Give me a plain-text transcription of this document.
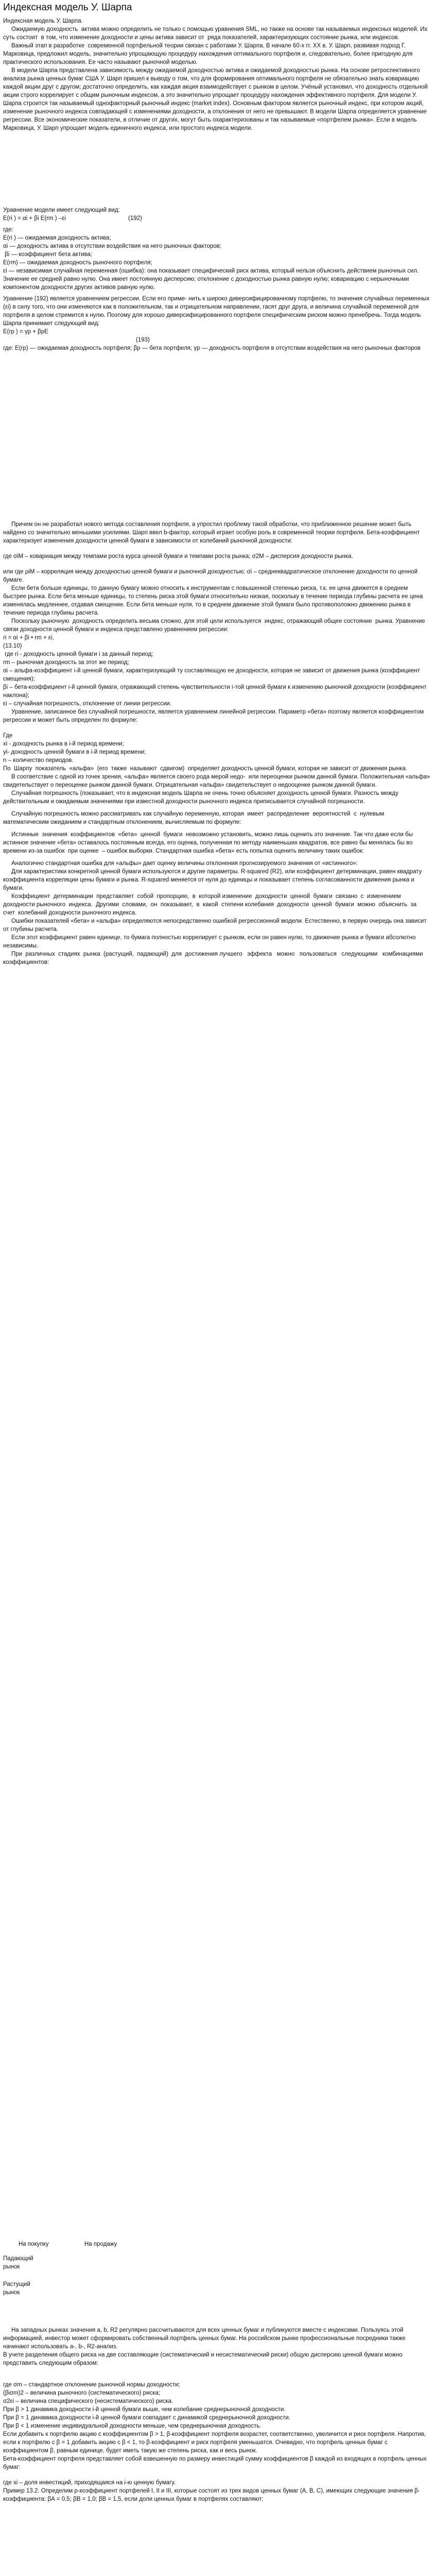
Индексная модель У. Шарпа

Индексная модель У. Шарпа.

Ожидаемую доходность  актива можно определить не только с помощью уравнения SML, но также на основе так называемых индексных моделей. Их суть состоит  в том, что изменение доходности и цены актива зависит от  ряда показателей, характеризующих состояние рынка, или индексов.

Важный этап в разработке  современной портфельной теории связан с работами У. Шарпа. В начале 60-х гг. ХХ в. У. Шарп, развивая подход Г. Марковица, предложил модель, значительно упрощающую процедуру нахождения оптимального портфеля и, следовательно, более пригодную для практического использования. Ее часто называют рыночной моделью.

В модели Шарпа представлена зависимость между ожидаемой доходностью актива и ожидаемой доходностью рынка. На основе ретроспективного анализа рынка ценных бумаг США У. Шарп пришел к выводу о том, что для формирования оптимального портфеля не обязательно знать ковариацию каждой акции друг с другом; достаточно определить, как каждая акция взаимодействует с рынком в целом. Учёный установил, что доходность отдельной акции строго коррелирует с общим рыночным индексом, а это значительно упрощает процедуру нахождения эффективного портфеля. Для модели У. Шарпа строится так называемый однофакторный рыночный индекс (market index). Основным фактором является рыночный индекс, при котором акций, изменение рыночного индекса совпадающей с изменениями доходности, а отклонения от него не превышают. В модели Шарпа определяется уравнение регрессии. Все экономические показатели, в отличие от других, могут быть охарактеризованы и так называемые «портфелем рынка». Если в модель Марковица, У. Шарп упрощает модель единичного индекса, или простого индекса модели.

Уравнение модели имеет следующий вид:

E(ri ) = αi + βi E(rm ) –εi	(192)

где:

E(ri ) — ожидаемая доходность актива;

αi — доходность актива в отсутствии воздействия на него рыночных факторов;

βi — коэффициент бета актива;

E(rm) — ожидаемая доходность рыночного портфеля;

εi — независимая случайная переменная (ошибка): она показывает специфический риск актива, который нельзя объяснить действием рыночных сил. Значение ее средней равно нулю. Она имеет постоянную дисперсию; отклонение с доходностью рынка равную нулю; ковариацию с нерыночными компонентом доходности других активов равную нулю.

Уравнение (192) является уравнением регрессии. Если его приме- нить к широко диверсифицированному портфелю, то значения случайных переменных (εi) в силу того, что они изменяются как в положительном, так и отрицательном направлении, гасят друг друга, и величина случайной переменной для портфеля в целом стремится к нулю. Поэтому для хорошо диверсифицированного портфеля специфическим риском можно пренебречь. Тогда модель Шарпа принимает следующий вид:

E(rp ) = γp + βpE

(193)

где: E(rp) — ожидаемая доходность портфеля; βp — бета портфеля; γp — доходность портфеля в отсутствии воздействия на него рыночных факторов

Причем он не разработал нового метода составления портфеля, а упростил проблему такой обработки, что приближенное решение может быть найдено со значительно меньшими усилиями. Шарп ввел b-фактор, который играет особую роль в современной теории портфеля. Бета-коэффициент характеризует изменения доходности ценной бумаги в зависимости от колебаний рыночной доходности:

где σiM – ковариация между темпами роста курса ценной бумаги и темпами роста рынка; σ2M – дисперсия доходности рынка.

или где ρiM – корреляция между доходностью ценной бумаги и рыночной доходностью; σi – среднеквадратическое отклонение доходности по ценной бумаге.

Если бета больше единицы, то данную бумагу можно относить к инструментам с повышенной степенью риска, т.к. ее цена движется в среднем быстрее рынка. Если бета меньше единицы, то степень риска этой бумаги относительно низкая, поскольку в течение периода глубины расчета ее цена изменялась медленнее, отдавая смещение. Если бета меньше нуля, то в среднем движение этой бумаги было противоположно движению рынка в течение периода глубины расчета.

Поскольку рыночную  доходность определить весьма сложно, для этой цели используется  индекс, отражающий общее состояние  рынка. Уравнение связи доходности ценной бумаги и индекса представлено уравнением регрессии:

ri = αi + βi • rm + εi,

(13.10)

где ri - доходность ценной бумаги i за данный период;

rm – рыночная доходность за этот же период;

αi – альфа-коэффициент i-й ценной бумаги, характеризующий ту составляющую ее доходности, которая не зависит от движения рынка (коэффициент смещения);

βi – бета-коэффициент i-й ценной бумаги, отражающий степень чувствительности i-той ценной бумаги к изменению рыночной доходности (коэффициент наклона);

εi – случайная погрешность, отклонение от линии регрессии.

Уравнение, записанное без случайной погрешности, является уравнением линейной регрессии. Параметр «бета» поэтому является коэффициентом регрессии и может быть определен по формуле:

Где

xi - доходность рынка в i-й период времени;

yi- доходность ценной бумаги в i-й период времени;

n – количество периодов.

По  Шарпу  показатель  «альфа»  (его  также  называют  сдвигом)  определяет доходность ценной бумаги, которая не зависит от движения рынка.

В соответствие с одной из точек зрения, «альфа» является своего рода мерой недо-  или переоценки рынком данной бумаги. Положительная «альфа»  свидетельствует о переоценке рынком данной бумаги. Отрицательная «альфа» свидетельствует о недооценке рынком данной бумаги.

Случайная погрешность (показывает, что в индексная модель Шарпа не очень точно объясняет доходность ценной бумаги. Разность между действительным и ожидаемым значениями при известной доходности рыночного индекса приписывается случайной погрешности.

Случайную погрешность можно рассматривать как случайную переменную, которая  имеет  распределение  вероятностей  с  нулевым  математическим ожиданием и стандартным отклонением, вычисляемым по формуле:

Истинные  значения  коэффициентов  «бета»  ценной  бумаги  невозможно установить, можно лишь оценить это значение. Так что даже если бы истинное значение «бета» оставалось постоянным всегда, его оценка, полученная по методу наименьших квадратов, все равно бы менялась бы во времени из-за ошибок  при оценке  – ошибок выборки. Стандартная ошибка «бета» есть попытка оценить величину таких ошибок:

Аналогично стандартная ошибка для «альфы» дает оценку величины отклонения прогнозируемого значения от «истинного»:

Для характеристики конкретной ценной бумаги используются и другие параметры. R-squared (R2), или коэффициент детерминации, равен квадрату коэффициента корреляции цены бумаги и рынка. R-squared меняется от нуля до единицы и показывает степень согласованности движения рынка и бумаги.

Коэффициент  детерминации  представляет  собой  пропорцию,  в  которой изменение  доходности  ценной  бумаги  связано  с  изменением  доходности рыночного  индекса.  Другими  словами,  он  показывает,  в  какой  степени колебания  доходности  ценной  бумаги  можно  объяснить  за  счет  колебаний доходности рыночного индекса.

Ошибки показателей «бета» и «альфа» определяются непосредственно ошибкой регрессионной модели. Естественно, в первую очередь она зависит от глубины расчета.

Если этот коэффициент равен единице, то бумага полностью коррелирует с рынком, если он равен нулю, то движение рынка и бумаги абсолютно независимы.

При  различных  стадиях  рынка  (растущий,  падающий)  для  достижения лучшего   эффекта   можно   пользоваться   следующими   комбинациями коэффициентов:

На покупку	На продажу
Падающий рынок
Растущий рынок

На западных рынках значения a, b, R2 регулярно рассчитываются для всех ценных бумаг и публикуются вместе с индексами. Пользуясь этой информацией, инвестор может сформировать собственный портфель ценных бумаг. На российском рынке профессиональные посредники также начинают использовать a-, b-, R2-анализ.

В учете разделения общего риска на две составляющие (систематический и несистематический риски) общую дисперсию ценной бумаги можно представить следующим образом:

где σm – стандартное отклонение рыночной нормы доходности;

(βiσm)2 – величина рыночного (систематического) риска;

σ2εi – величина специфического (несистематического) риска.

При β > 1 динамика доходности i-й ценной бумаги выше, чем колебание среднерыночной доходности.

При β = 1 динамика доходности i-й ценной бумаги совпадает с динамикой среднерыночной доходности.

При β < 1 изменение индивидуальной доходности меньше, чем среднерыночная доходность.

Если добавить к портфелю акцию с коэффициентом β > 1, β-коэффициент портфеля возрастет, соответственно, увеличится и риск портфеля. Напротив, если к портфелю с β = 1 добавить акцию с β < 1, то β-коэффициент и риск портфеля уменьшатся. Очевидно, что портфель ценных бумаг с коэффициентом β, равным единице, будет иметь такую же степень риска, как и весь рынок.

Бета-коэффициент портфеля представляет собой взвешенную по размеру инвестиций сумму коэффициентов β каждой из входящих в портфель ценных бумаг:

где хi – доля инвестиций, приходящаяся на i-ю ценную бумагу.

Пример 13.2. Определим р-коэффициент портфелей I, II и III, которые состоят из трех видов ценных бумаг (А, В, С), имеющих следующие значения β-коэффициента: βА = 0,5; βВ = 1,0; βВ = 1,5, если доли ценных бумаг в портфелях составляют:
